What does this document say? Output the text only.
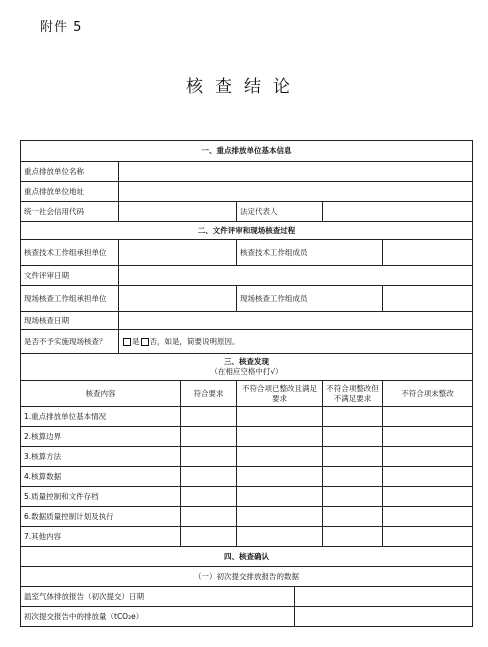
附件 5
核查结论
一、重点排放单位基本信息						
重点排放单位名称						
重点排放单位地址						
统一社会信用代码			法定代表人			
二、文件评审和现场核查过程						
核查技术工作组承担单位			核查技术工作组成员			
文件评审日期						
现场核查工作组承担单位			现场核查工作组成员			
现场核查日期						
是否不予实施现场核查？	是 否，如是，简要说明原因。					
三、核查发现
（在相应空格中打√）						

核查内容		符合要求	不符合项已整改且满足要求		不符合项整改但不满足要求	不符合项未整改
1.重点排放单位基本情况						
2.核算边界						
3.核算方法						
4.核算数据						
5.质量控制和文件存档						
6.数据质量控制计划及执行						
7.其他内容						
四、核查确认						
（一）初次提交排放报告的数据						
温室气体排放报告（初次提交）日期						
初次提交报告中的排放量（tCO₂e）						
